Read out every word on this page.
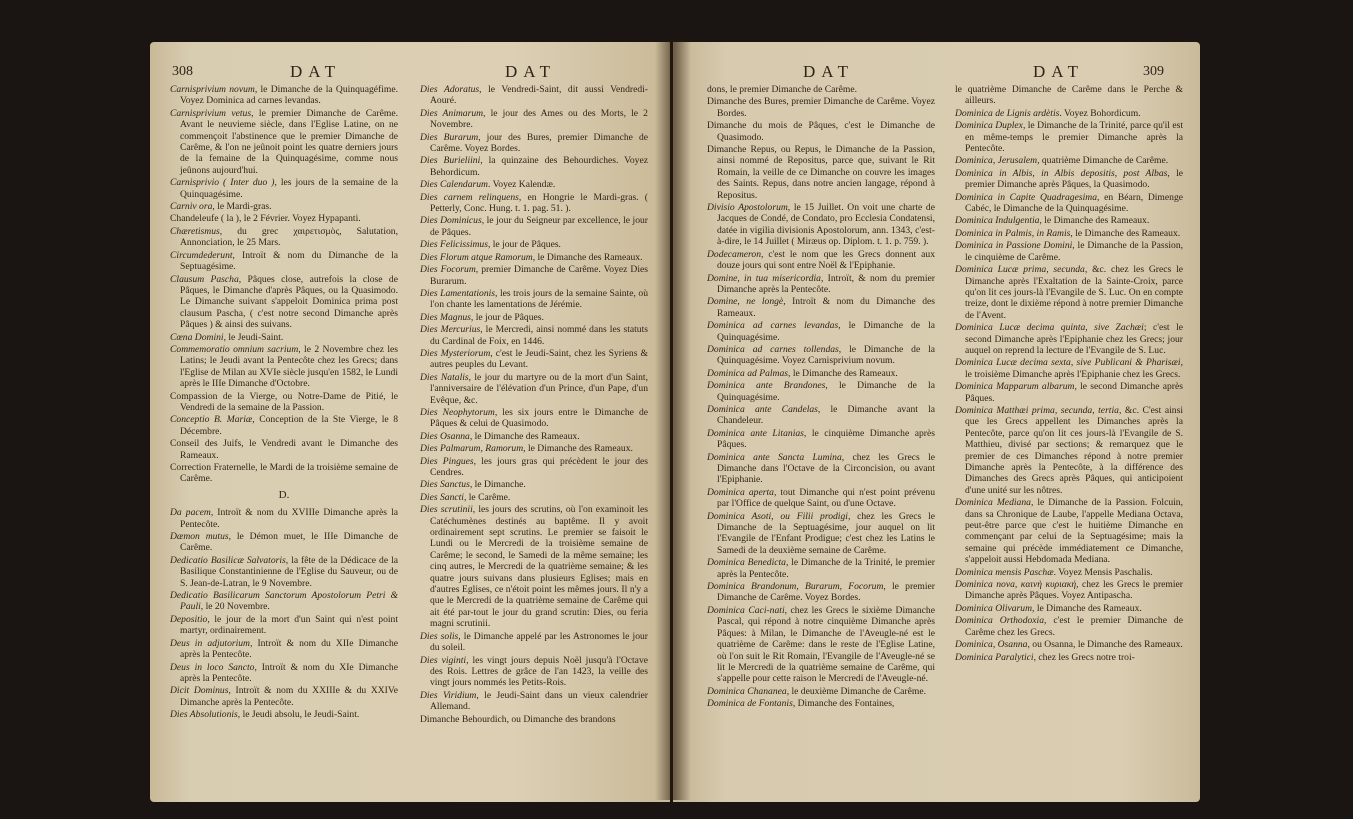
308	DAT	DAT
Carnisprivium novum, le Dimanche de la Quinquagéfime. Voyez Dominica ad carnes levandas.
Carnisprivium vetus, le premier Dimanche de Carême. Avant le neuvieme siècle, dans l'Eglise Latine, on ne commençoit l'abstinence que le premier Dimanche de Carême, & l'on ne jeûnoit point les quatre derniers jours de la femaine de la Quinquagésime, comme nous jeûnons aujourd'hui.
Carnisprivio ( Inter duo ), les jours de la semaine de la Quinquagésime.
Carniv ora, le Mardi-gras.
Chandeleufe ( la ), le 2 Février. Voyez Hypapanti.
Chæretismus, du grec χαιρετισμὸς, Salutation, Annonciation, le 25 Mars.
Circumdederunt, Introït & nom du Dimanche de la Septuagésime.
Clausum Pascha, Pâques close, autrefois la close de Pâques, le Dimanche d'après Pâques, ou la Quasimodo. Le Dimanche suivant s'appeloit Dominica prima post clausum Pascha, ( c'est notre second Dimanche après Pâques ) & ainsi des suivans.
Cœna Domini, le Jeudi-Saint.
Commemoratio omnium sacrium, le 2 Novembre chez les Latins; le Jeudi avant la Pentecôte chez les Grecs; dans l'Eglise de Milan au XVIe siècle jusqu'en 1582, le Lundi après le IIIe Dimanche d'Octobre.
Compassion de la Vierge, ou Notre-Dame de Pitié, le Vendredi de la semaine de la Passion.
Conceptio B. Mariæ, Conception de la Ste Vierge, le 8 Décembre.
Conseil des Juifs, le Vendredi avant le Dimanche des Rameaux.
Correction Fraternelle, le Mardi de la troisième semaine de Carême.
D.
Da pacem, Introït & nom du XVIIIe Dimanche après la Pentecôte.
Dæmon mutus, le Démon muet, le IIIe Dimanche de Carême.
Dedicatio Basilicæ Salvatoris, la fête de la Dédicace de la Basilique Constantinienne de l'Eglise du Sauveur, ou de S. Jean-de-Latran, le 9 Novembre.
Dedicatio Basilicarum Sanctorum Apostolorum Petri & Pauli, le 20 Novembre.
Depositio, le jour de la mort d'un Saint qui n'est point martyr, ordinairement.
Deus in adjutorium, Introït & nom du XIIe Dimanche après la Pentecôte.
Deus in loco Sancto, Introït & nom du XIe Dimanche après la Pentecôte.
Dicit Dominus, Introït & nom du XXIIIe & du XXIVe Dimanche après la Pentecôte.
Dies Absolutionis, le Jeudi absolu, le Jeudi-Saint.
Dies Adoratus, le Vendredi-Saint, dit aussi Vendredi-Aouré.
Dies Animarum, le jour des Ames ou des Morts, le 2 Novembre.
Dies Burarum, jour des Bures, premier Dimanche de Carême. Voyez Bordes.
Dies Burieliini, la quinzaine des Behourdiches. Voyez Behordicum.
Dies Calendarum. Voyez Kalendæ.
Dies carnem relinquens, en Hongrie le Mardi-gras. ( Petterly, Conc. Hung. t. 1. pag. 51. ).
Dies Dominicus, le jour du Seigneur par excellence, le jour de Pâques.
Dies Felicissimus, le jour de Pâques.
Dies Florum atque Ramorum, le Dimanche des Rameaux.
Dies Focorum, premier Dimanche de Carême. Voyez Dies Burarum.
Dies Lamentationis, les trois jours de la semaine Sainte, où l'on chante les lamentations de Jérémie.
Dies Magnus, le jour de Pâques.
Dies Mercurius, le Mercredi, ainsi nommé dans les statuts du Cardinal de Foix, en 1446.
Dies Mysteriorum, c'est le Jeudi-Saint, chez les Syriens & autres peuples du Levant.
Dies Natalis, le jour du martyre ou de la mort d'un Saint, l'anniversaire de l'élévation d'un Prince, d'un Pape, d'un Evêque, &c.
Dies Neophytorum, les six jours entre le Dimanche de Pâques & celui de Quasimodo.
Dies Osanna, le Dimanche des Rameaux.
Dies Palmarum, Ramorum, le Dimanche des Rameaux.
Dies Pingues, les jours gras qui précèdent le jour des Cendres.
Dies Sanctus, le Dimanche.
Dies Sancti, le Carême.
Dies scrutinii, les jours des scrutins, où l'on examinoit les Catéchumènes destinés au baptême. Il y avoit ordinairement sept scrutins. Le premier se faisoit le Lundi ou le Mercredi de la troisième semaine de Carême; le second, le Samedi de la même semaine; les cinq autres, le Mercredi de la quatrième semaine; & les quatre jours suivans dans plusieurs Eglises; mais en d'autres Eglises, ce n'étoit point les mêmes jours. Il n'y a que le Mercredi de la quatrième semaine de Carême qui ait été par-tout le jour du grand scrutin: Dies, ou feria magni scrutinii.
Dies solis, le Dimanche appelé par les Astronomes le jour du soleil.
Dies viginti, les vingt jours depuis Noël jusqu'à l'Octave des Rois. Lettres de grâce de l'an 1423, la veille des vingt jours nommés les Petits-Rois.
Dies Viridium, le Jeudi-Saint dans un vieux calendrier Allemand.
Dimanche Behourdich, ou Dimanche des brandons
DAT	DAT	309
dons, le premier Dimanche de Carême.
Dimanche des Bures, premier Dimanche de Carême. Voyez Bordes.
Dimanche du mois de Pâques, c'est le Dimanche de Quasimodo.
Dimanche Repus, ou Repus, le Dimanche de la Passion, ainsi nommé de Repositus, parce que, suivant le Rit Romain, la veille de ce Dimanche on couvre les images des Saints. Repus, dans notre ancien langage, répond à Repositus.
Divisio Apostolorum, le 15 Juillet. On voit une charte de Jacques de Condé, de Condato, pro Ecclesia Condatensi, datée in vigilia divisionis Apostolorum, ann. 1343, c'est-à-dire, le 14 Juillet ( Miræus op. Diplom. t. 1. p. 759. ).
Dodecameron, c'est le nom que les Grecs donnent aux douze jours qui sont entre Noël & l'Epiphanie.
Domine, in tua misericordia, Introït, & nom du premier Dimanche après la Pentecôte.
Domine, ne longè, Introït & nom du Dimanche des Rameaux.
Dominica ad carnes levandas, le Dimanche de la Quinquagésime.
Dominica ad carnes tollendas, le Dimanche de la Quinquagésime. Voyez Carnisprivium novum.
Dominica ad Palmas, le Dimanche des Rameaux.
Dominica ante Brandones, le Dimanche de la Quinquagésime.
Dominica ante Candelas, le Dimanche avant la Chandeleur.
Dominica ante Litanias, le cinquième Dimanche après Pâques.
Dominica ante Sancta Lumina, chez les Grecs le Dimanche dans l'Octave de la Circoncision, ou avant l'Epiphanie.
Dominica aperta, tout Dimanche qui n'est point prévenu par l'Office de quelque Saint, ou d'une Octave.
Dominica Asoti, ou Filii prodigi, chez les Grecs le Dimanche de la Septuagésime, jour auquel on lit l'Evangile de l'Enfant Prodigue; c'est chez les Latins le Samedi de la deuxième semaine de Carême.
Dominica Benedicta, le Dimanche de la Trinité, le premier après la Pentecôte.
Dominica Brandonum, Burarum, Focorum, le premier Dimanche de Carême. Voyez Bordes.
Dominica Caci-nati, chez les Grecs le sixième Dimanche Pascal, qui répond à notre cinquième Dimanche après Pâques: à Milan, le Dimanche de l'Aveugle-né est le quatrième de Carême: dans le reste de l'Eglise Latine, où l'on suit le Rit Romain, l'Evangile de l'Aveugle-né se lit le Mercredi de la quatrième semaine de Carême, qui s'appelle pour cette raison le Mercredi de l'Aveugle-né.
Dominica Chananea, le deuxième Dimanche de Carême.
Dominica de Fontanis, Dimanche des Fontaines,
le quatrième Dimanche de Carême dans le Perche & ailleurs.
Dominica de Lignis ardètis. Voyez Bohordicum.
Dominica Duplex, le Dimanche de la Trinité, parce qu'il est en même-temps le premier Dimanche après la Pentecôte.
Dominica, Jerusalem, quatrième Dimanche de Carême.
Dominica in Albis, in Albis depositis, post Albas, le premier Dimanche après Pâques, la Quasimodo.
Dominica in Capite Quadragesima, en Béarn, Dimenge Cabéc, le Dimanche de la Quinquagésime.
Dominica Indulgentia, le Dimanche des Rameaux.
Dominica in Palmis, in Ramis, le Dimanche des Rameaux.
Dominica in Passione Domini, le Dimanche de la Passion, le cinquième de Carême.
Dominica Lucæ prima, secunda, &c. chez les Grecs le Dimanche après l'Exaltation de la Sainte-Croix, parce qu'on lit ces jours-là l'Evangile de S. Luc. On en compte treize, dont le dixième répond à notre premier Dimanche de l'Avent.
Dominica Lucæ decima quinta, sive Zachæi; c'est le second Dimanche après l'Epiphanie chez les Grecs; jour auquel on reprend la lecture de l'Evangile de S. Luc.
Dominica Lucæ decima sexta, sive Publicani & Pharisæi, le troisième Dimanche après l'Epiphanie chez les Grecs.
Dominica Mapparum albarum, le second Dimanche après Pâques.
Dominica Matthæi prima, secunda, tertia, &c. C'est ainsi que les Grecs appellent les Dimanches après la Pentecôte, parce qu'on lit ces jours-là l'Evangile de S. Matthieu, divisé par sections; & remarquez que le premier de ces Dimanches répond à notre premier Dimanche après la Pentecôte, à la différence des Dimanches des Grecs après Pâques, qui anticipoient d'une unité sur les nôtres.
Dominica Mediana, le Dimanche de la Passion. Folcuin, dans sa Chronique de Laube, l'appelle Mediana Octava, peut-être parce que c'est le huitième Dimanche en commençant par celui de la Septuagésime; mais la semaine qui précède immédiatement ce Dimanche, s'appeloit aussi Hebdomada Mediana.
Dominica mensis Paschæ. Voyez Mensis Paschalis.
Dominica nova, καινὴ κυριακή, chez les Grecs le premier Dimanche après Pâques. Voyez Antipascha.
Dominica Olivarum, le Dimanche des Rameaux.
Dominica Orthodoxia, c'est le premier Dimanche de Carême chez les Grecs.
Dominica, Osanna, ou Osanna, le Dimanche des Rameaux.
Dominica Paralytici, chez les Grecs notre troi-
